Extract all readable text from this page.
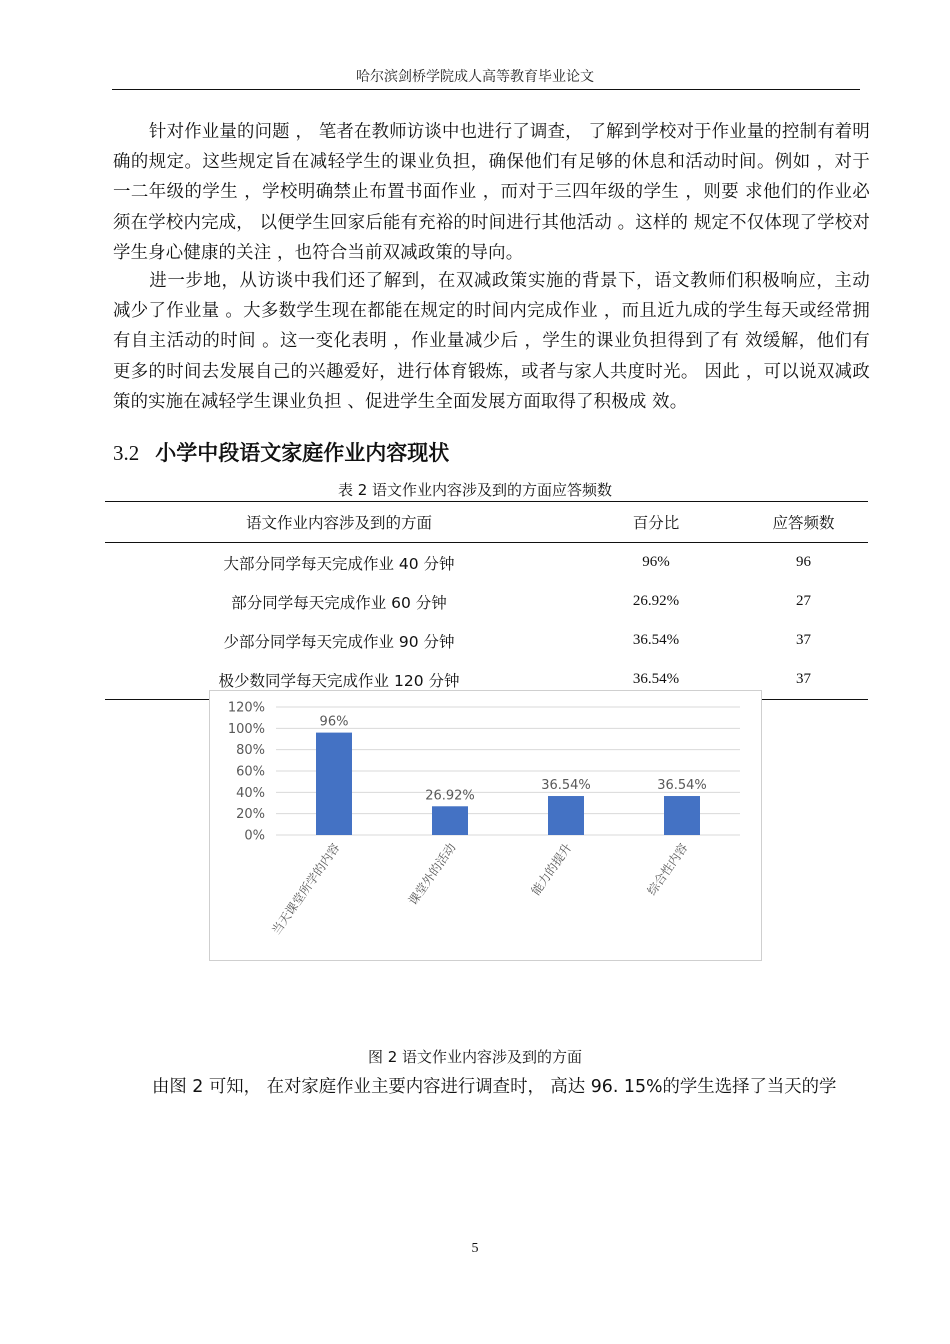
哈尔滨剑桥学院成人高等教育毕业论文

针对作业量的问题 ， 笔者在教师访谈中也进行了调查， 了解到学校对于作业量的控制有着明确的规定。这些规定旨在减轻学生的课业负担，确保他们有足够的休息和活动时间。例如 ，对于一二年级的学生 ，学校明确禁止布置书面作业 ，而对于三四年级的学生 ，则要 求他们的作业必须在学校内完成， 以便学生回家后能有充裕的时间进行其他活动 。这样的 规定不仅体现了学校对学生身心健康的关注 ，也符合当前双减政策的导向。

进一步地，从访谈中我们还了解到，在双减政策实施的背景下，语文教师们积极响应，主动减少了作业量 。大多数学生现在都能在规定的时间内完成作业 ，而且近九成的学生每天或经常拥有自主活动的时间 。这一变化表明 ，作业量减少后 ，学生的课业负担得到了有 效缓解，他们有更多的时间去发展自己的兴趣爱好，进行体育锻炼，或者与家人共度时光。 因此 ，可以说双减政策的实施在减轻学生课业负担 、促进学生全面发展方面取得了积极成 效。

3.2 小学中段语文家庭作业内容现状
表 2 语文作业内容涉及到的方面应答频数
语文作业内容涉及到的方面	百分比	应答频数
大部分同学每天完成作业 40 分钟	96%	96
部分同学每天完成作业 60 分钟	26.92%	27
少部分同学每天完成作业 90 分钟	36.54%	37
极少数同学每天完成作业 120 分钟	36.54%	37
0%
20%
40%
60%
80%
100%
120%
96%
当天课堂所学的内容
26.92%
课堂外的活动
36.54%
能力的提升
36.54%
综合性内容
图 2 语文作业内容涉及到的方面

由图 2 可知， 在对家庭作业主要内容进行调查时， 高达 96. 15%的学生选择了当天的学

5
